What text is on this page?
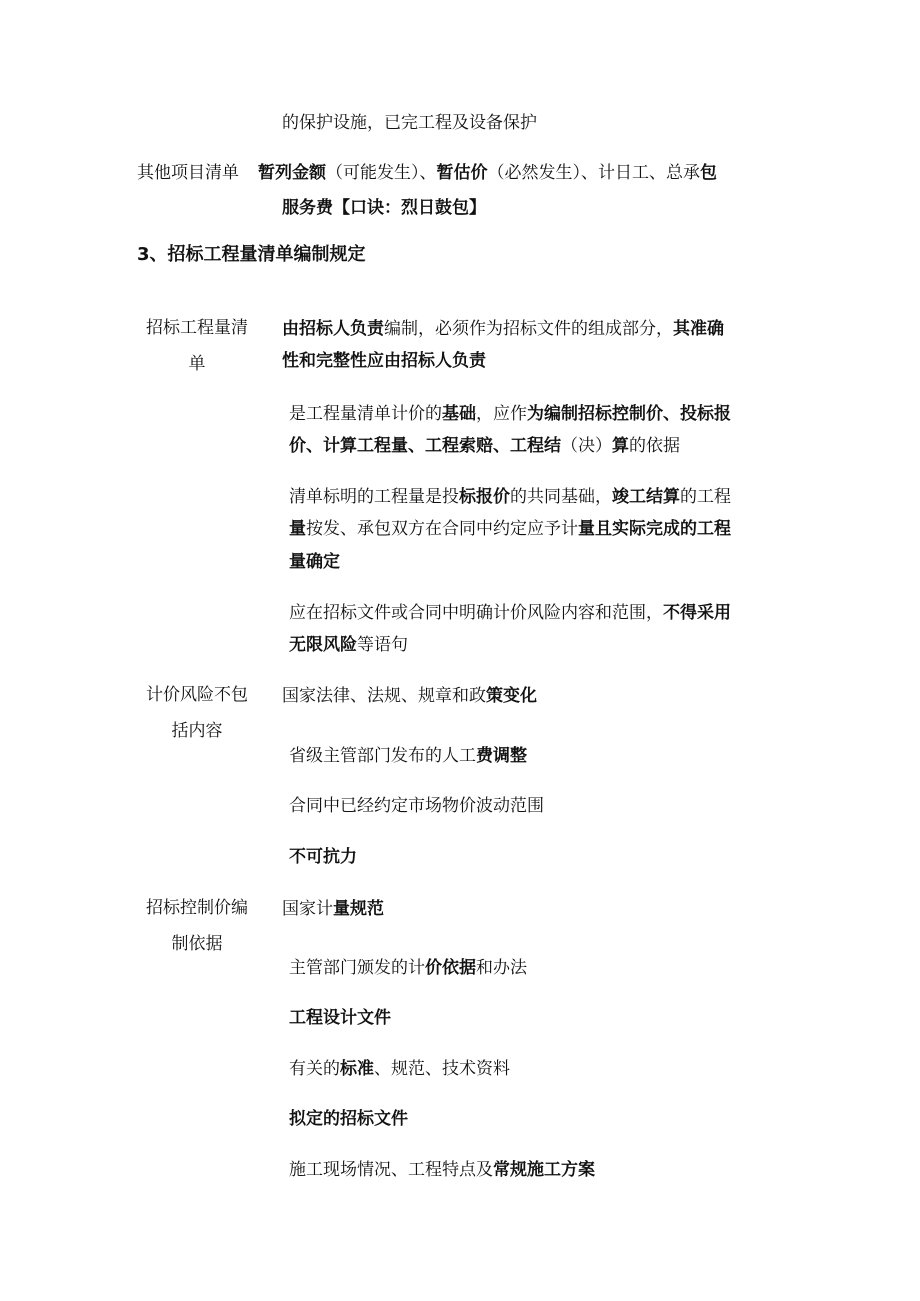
的保护设施，已完工程及设备保护
其他项目清单 暂列金额（可能发生）、暂估价（必然发生）、计日工、总承包
服务费【口诀：烈日鼓包】
3、招标工程量清单编制规定
招标工程量清
单
由招标人负责编制，必须作为招标文件的组成部分，其准确
性和完整性应由招标人负责
是工程量清单计价的基础，应作为编制招标控制价、投标报
价、计算工程量、工程索赔、工程结（决）算的依据
清单标明的工程量是投标报价的共同基础，竣工结算的工程
量按发、承包双方在合同中约定应予计量且实际完成的工程
量确定
应在招标文件或合同中明确计价风险内容和范围，不得采用
无限风险等语句
计价风险不包
括内容
国家法律、法规、规章和政策变化
省级主管部门发布的人工费调整
合同中已经约定市场物价波动范围
不可抗力
招标控制价编
制依据
国家计量规范
主管部门颁发的计价依据和办法
工程设计文件
有关的标准、规范、技术资料
拟定的招标文件
施工现场情况、工程特点及常规施工方案
